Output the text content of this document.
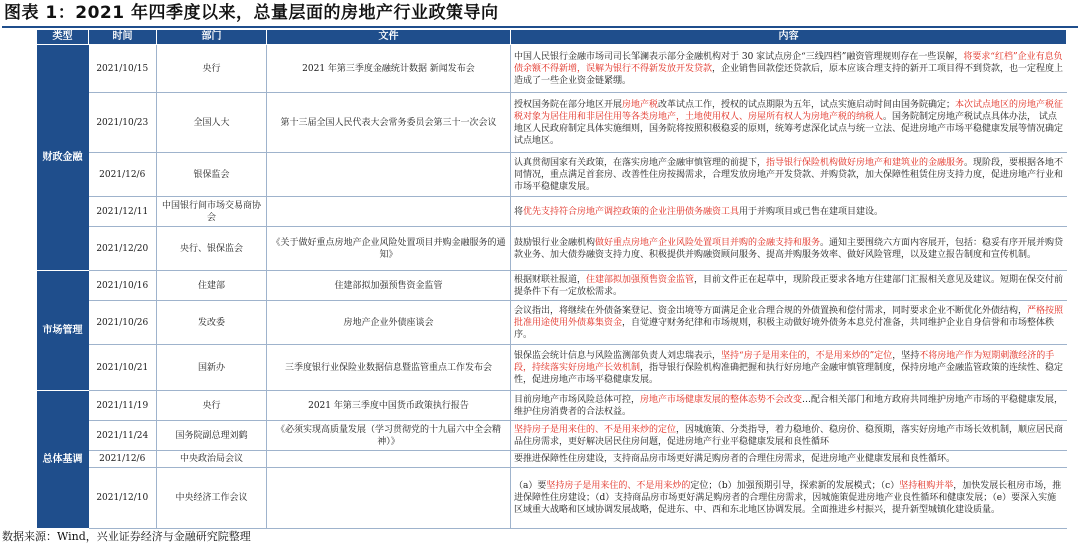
图表 1：2021 年四季度以来，总量层面的房地产行业政策导向
类型	时间	部门	文件	内容
财政金融	2021/10/15	央行	2021 年第三季度金融统计数据 新闻发布会	中国人民银行金融市场司司长邹澜表示部分金融机构对于 30 家试点房企“三线四档”融资管理规则存在一些误解，将要求“红档”企业有息负债余额不得新增，误解为银行不得新发放开发贷款，企业销售回款偿还贷款后，原本应该合理支持的新开工项目得不到贷款，也一定程度上造成了一些企业资金链紧绷。
	2021/10/23	全国人大	第十三届全国人民代表大会常务委员会第三十一次会议	授权国务院在部分地区开展房地产税改革试点工作，授权的试点期限为五年，试点实施启动时间由国务院确定；本次试点地区的房地产税征税对象为居住用和非居住用等各类房地产，土地使用权人、房屋所有权人为房地产税的纳税人。国务院制定房地产税试点具体办法， 试点地区人民政府制定具体实施细则，国务院将按照积极稳妥的原则，统筹考虑深化试点与统一立法、促进房地产市场平稳健康发展等情况确定试点地区。
	2021/12/6	银保监会		认真贯彻国家有关政策，在落实房地产金融审慎管理的前提下，指导银行保险机构做好房地产和建筑业的金融服务。现阶段，要根据各地不同情况，重点满足首套房、改善性住房按揭需求，合理发放房地产开发贷款、并购贷款，加大保障性租赁住房支持力度，促进房地产行业和市场平稳健康发展。
	2021/12/11	中国银行间市场交易商协会		将优先支持符合房地产调控政策的企业注册债务融资工具用于并购项目或已售在建项目建设。
	2021/12/20	央行、银保监会	《关于做好重点房地产企业风险处置项目并购金融服务的通知》	鼓励银行业金融机构做好重点房地产企业风险处置项目并购的金融支持和服务。通知主要围绕六方面内容展开，包括：稳妥有序开展并购贷款业务、加大债券融资支持力度、积极提供并购融资顾问服务、提高并购服务效率、做好风险管理，以及建立报告制度和宣传机制。
市场管理	2021/10/16	住建部	住建部拟加强预售资金监管	根据财联社报道，住建部拟加强预售资金监管，目前文件正在起草中，现阶段正要求各地方住建部门汇报相关意见及建议。短期在保交付前提条件下有一定放松需求。
	2021/10/26	发改委	房地产企业外债座谈会	会议指出，将继续在外债备案登记、资金出境等方面满足企业合理合规的外债置换和偿付需求，同时要求企业不断优化外债结构，严格按照批准用途使用外债募集资金，自觉遵守财务纪律和市场规则，积极主动做好境外债务本息兑付准备，共同维护企业自身信誉和市场整体秩序。
	2021/10/21	国新办	三季度银行业保险业数据信息暨监管重点工作发布会	银保监会统计信息与风险监测部负责人刘忠瑞表示，坚持“房子是用来住的，不是用来炒的”定位，坚持不将房地产作为短期刺激经济的手段，持续落实好房地产长效机制，指导银行保险机构准确把握和执行好房地产金融审慎管理制度，保持房地产金融监管政策的连续性、稳定性，促进房地产市场平稳健康发展。
总体基调	2021/11/19	央行	2021 年第三季度中国货币政策执行报告	目前房地产市场风险总体可控，房地产市场健康发展的整体态势不会改变…配合相关部门和地方政府共同维护房地产市场的平稳健康发展，维护住房消费者的合法权益。
	2021/11/24	国务院副总理刘鹤	《必须实现高质量发展（学习贯彻党的十九届六中全会精神）》	坚持房子是用来住的、不是用来炒的定位，因城施策、分类指导，着力稳地价、稳房价、稳预期，落实好房地产市场长效机制，顺应居民商品住房需求，更好解决居民住房问题，促进房地产行业平稳健康发展和良性循环
	2021/12/6	中央政治局会议		要推进保障性住房建设，支持商品房市场更好满足购房者的合理住房需求，促进房地产业健康发展和良性循环。
	2021/12/10	中央经济工作会议		（a）要坚持房子是用来住的、不是用来炒的定位；（b）加强预期引导，探索新的发展模式；（c）坚持租购并举，加快发展长租房市场，推进保障性住房建设；（d）支持商品房市场更好满足购房者的合理住房需求，因城施策促进房地产业良性循环和健康发展；（e）要深入实施区域重大战略和区域协调发展战略，促进东、中、西和东北地区协调发展。全面推进乡村振兴，提升新型城镇化建设质量。
数据来源：Wind，兴业证券经济与金融研究院整理
